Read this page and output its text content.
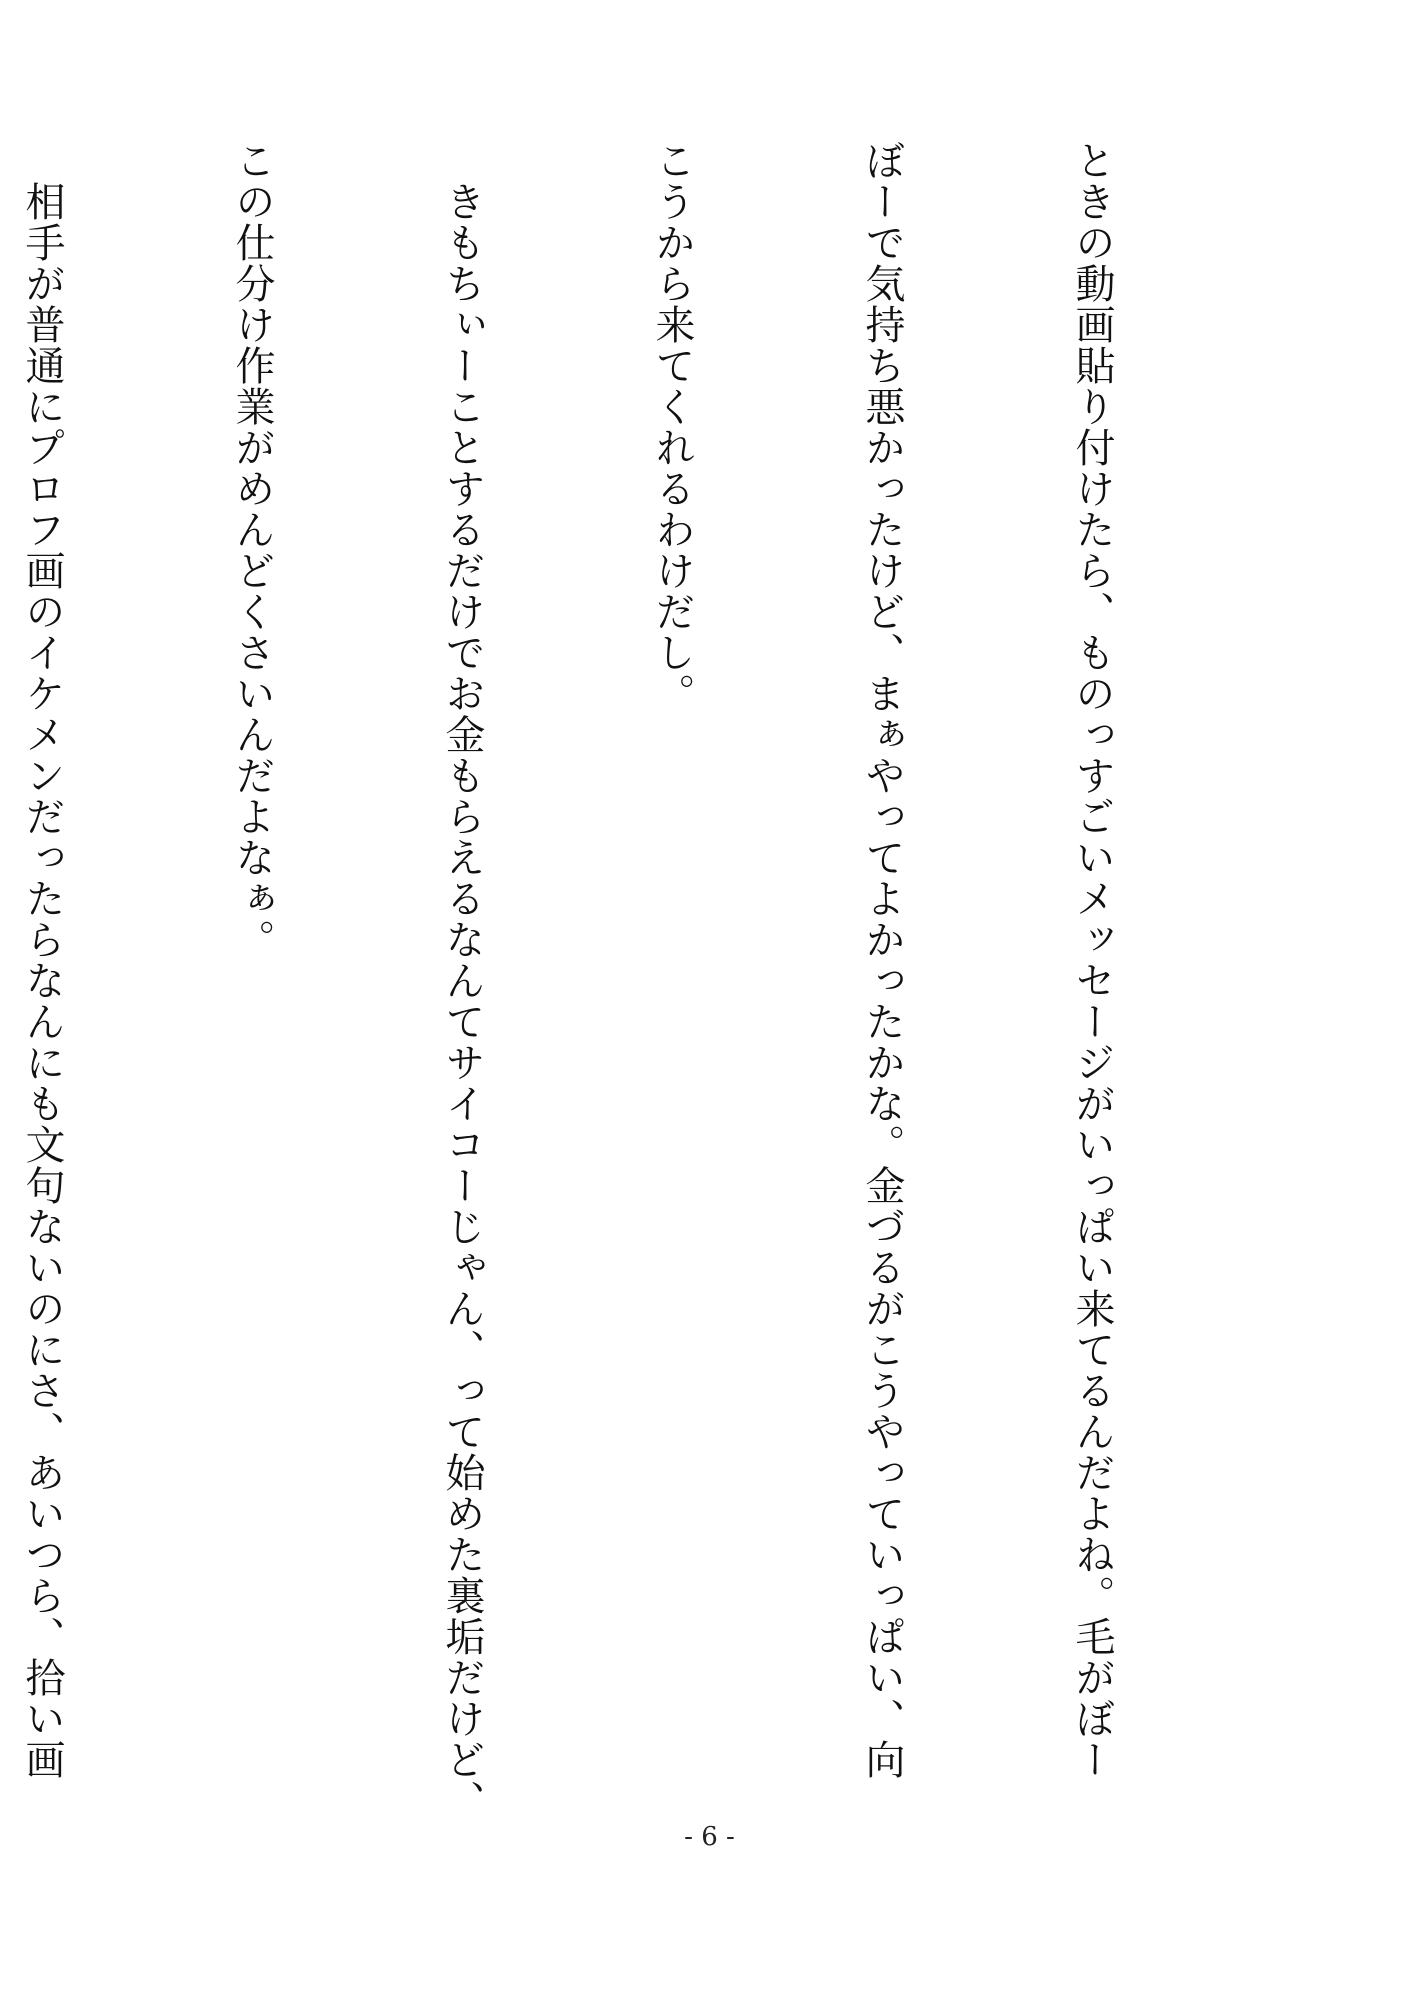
ときの動画貼り付けたら、ものっすごいメッセージがいっぱい来てるんだよね。毛がぼー

ぼーで気持ち悪かったけど、まぁやってよかったかな。金づるがこうやっていっぱい、向

こうから来てくれるわけだし。

　きもちぃーことするだけでお金もらえるなんてサイコーじゃん、って始めた裏垢だけど、

この仕分け作業がめんどくさいんだよなぁ。

　相手が普通にプロフ画のイケメンだったらなんにも文句ないのにさ、あいつら、拾い画

- 6 -
